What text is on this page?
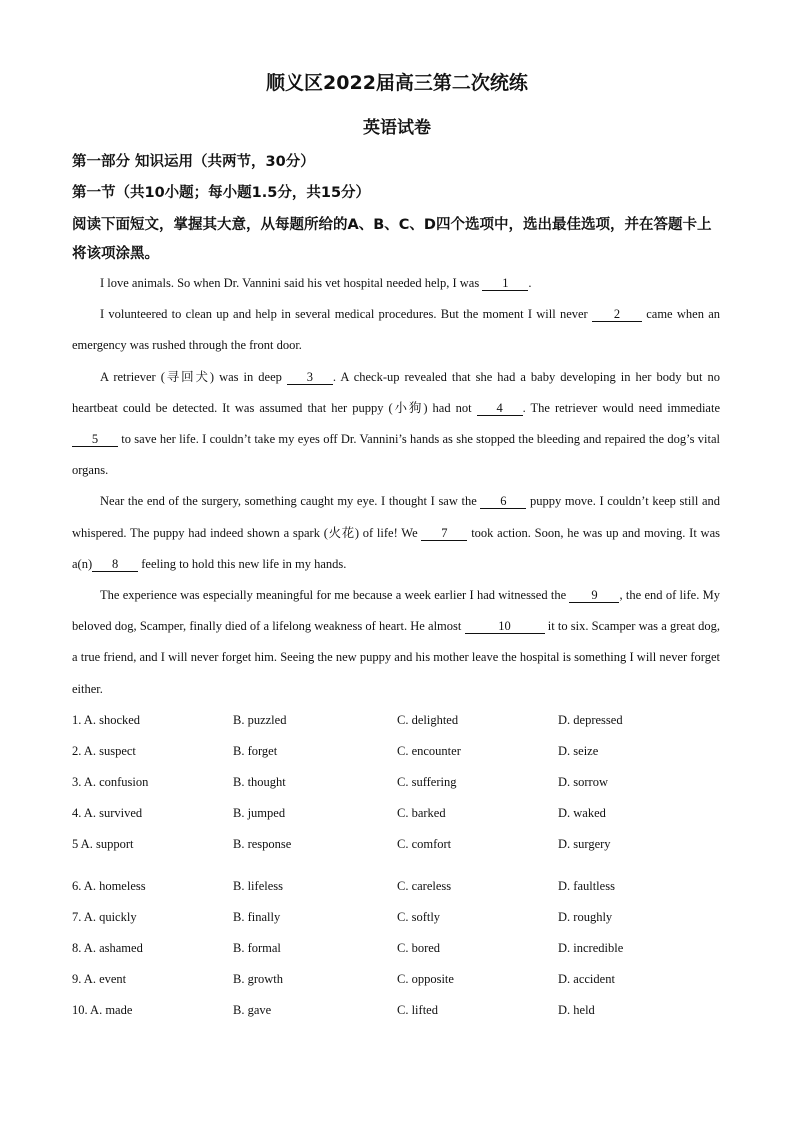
顺义区2022届高三第二次统练
英语试卷
第一部分 知识运用（共两节，30分）
第一节（共10小题；每小题1.5分，共15分）
阅读下面短文，掌握其大意，从每题所给的A、B、C、D四个选项中，选出最佳选项，并在答题卡上将该项涂黑。

I love animals. So when Dr. Vannini said his vet hospital needed help, I was 1 .

I volunteered to clean up and help in several medical procedures. But the moment I will never 2 came when an emergency was rushed through the front door.

A retriever (寻回犬) was in deep 3 . A check-up revealed that she had a baby developing in her body but no heartbeat could be detected. It was assumed that her puppy (小狗) had not 4 . The retriever would need immediate 5 to save her life. I couldn’t take my eyes off Dr. Vannini’s hands as she stopped the bleeding and repaired the dog’s vital organs.

Near the end of the surgery, something caught my eye. I thought I saw the 6 puppy move. I couldn’t keep still and whispered. The puppy had indeed shown a spark (火花) of life! We 7 took action. Soon, he was up and moving. It was a(n) 8 feeling to hold this new life in my hands.

The experience was especially meaningful for me because a week earlier I had witnessed the 9 , the end of life. My beloved dog, Scamper, finally died of a lifelong weakness of heart. He almost	10	it to six. Scamper was a great dog, a true friend, and I will never forget him. Seeing the new puppy and his mother leave the hospital is something I will never forget either.

1. A. shocked	B. puzzled	C. delighted	D. depressed
2. A. suspect	B. forget	C. encounter	D. seize
3. A. confusion	B. thought	C. suffering	D. sorrow
4. A. survived	B. jumped	C. barked	D. waked
5 A. support	B. response	C. comfort	D. surgery
6. A. homeless	B. lifeless	C. careless	D. faultless
7. A. quickly	B. finally	C. softly	D. roughly
8. A. ashamed	B. formal	C. bored	D. incredible
9. A. event	B. growth	C. opposite	D. accident
10. A. made	B. gave	C. lifted	D. held
